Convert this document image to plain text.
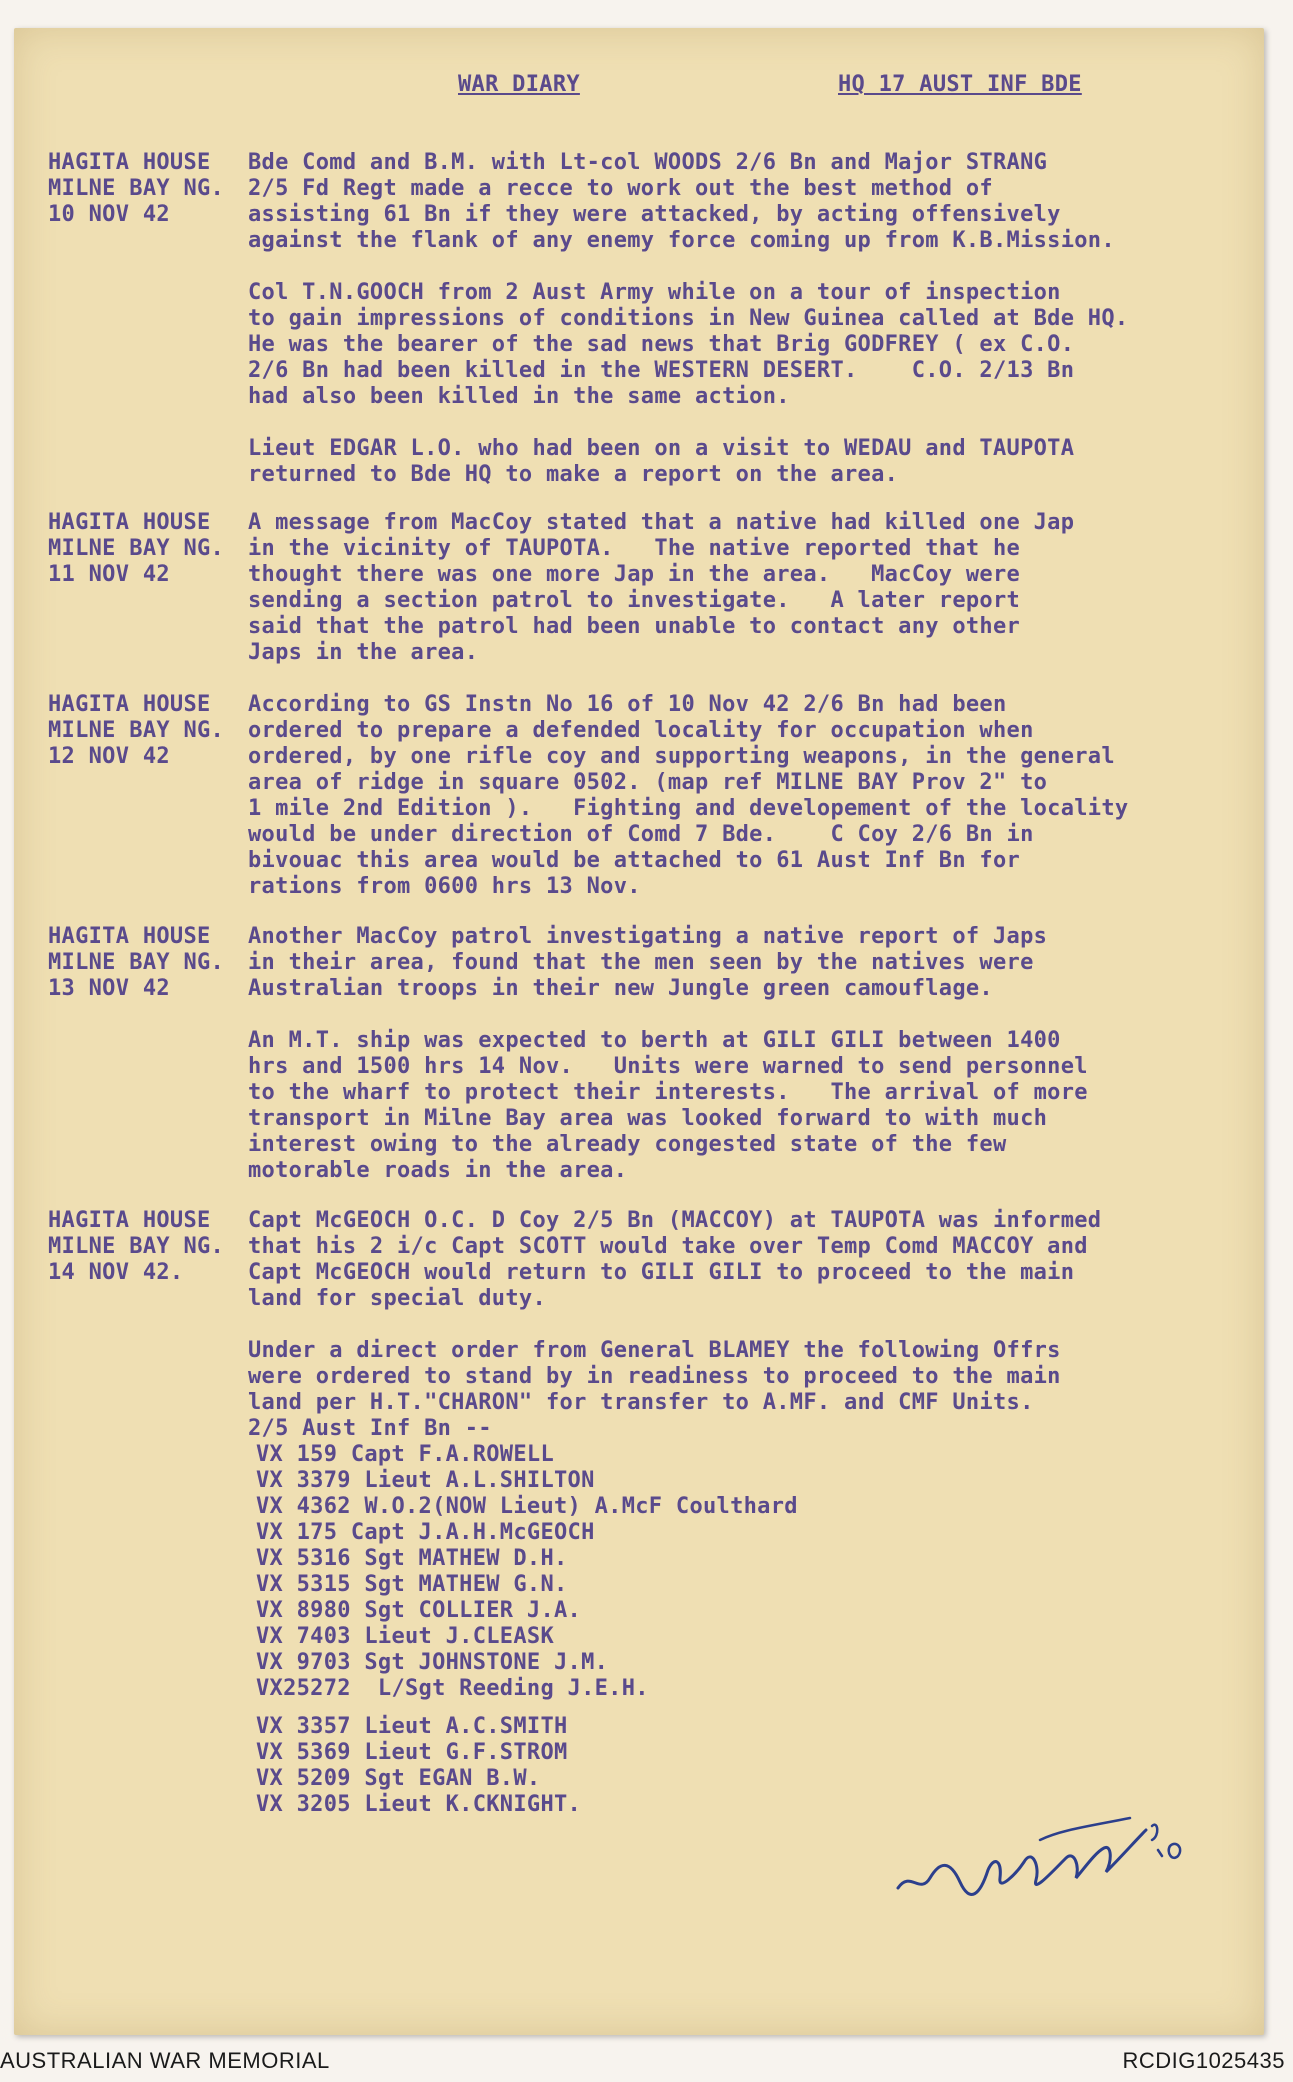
WAR DIARY	HQ 17 AUST INF BDE
HAGITA HOUSE
MILNE BAY NG.
10 NOV 42
Bde Comd and B.M. with Lt-col WOODS 2/6 Bn and Major STRANG
2/5 Fd Regt made a recce to work out the best method of
assisting 61 Bn if they were attacked, by acting offensively
against the flank of any enemy force coming up from K.B.Mission.
Col T.N.GOOCH from 2 Aust Army while on a tour of inspection
to gain impressions of conditions in New Guinea called at Bde HQ.
He was the bearer of the sad news that Brig GODFREY ( ex C.O.
2/6 Bn had been killed in the WESTERN DESERT.    C.O. 2/13 Bn
had also been killed in the same action.
Lieut EDGAR L.O. who had been on a visit to WEDAU and TAUPOTA
returned to Bde HQ to make a report on the area.
HAGITA HOUSE
MILNE BAY NG.
11 NOV 42
A message from MacCoy stated that a native had killed one Jap
in the vicinity of TAUPOTA.   The native reported that he
thought there was one more Jap in the area.   MacCoy were
sending a section patrol to investigate.   A later report
said that the patrol had been unable to contact any other
Japs in the area.
HAGITA HOUSE
MILNE BAY NG.
12 NOV 42
According to GS Instn No 16 of 10 Nov 42 2/6 Bn had been
ordered to prepare a defended locality for occupation when
ordered, by one rifle coy and supporting weapons, in the general
area of ridge in square 0502. (map ref MILNE BAY Prov 2" to
1 mile 2nd Edition ).   Fighting and developement of the locality
would be under direction of Comd 7 Bde.    C Coy 2/6 Bn in
bivouac this area would be attached to 61 Aust Inf Bn for
rations from 0600 hrs 13 Nov.
HAGITA HOUSE
MILNE BAY NG.
13 NOV 42
Another MacCoy patrol investigating a native report of Japs
in their area, found that the men seen by the natives were
Australian troops in their new Jungle green camouflage.
An M.T. ship was expected to berth at GILI GILI between 1400
hrs and 1500 hrs 14 Nov.   Units were warned to send personnel
to the wharf to protect their interests.   The arrival of more
transport in Milne Bay area was looked forward to with much
interest owing to the already congested state of the few
motorable roads in the area.
HAGITA HOUSE
MILNE BAY NG.
14 NOV 42.
Capt McGEOCH O.C. D Coy 2/5 Bn (MACCOY) at TAUPOTA was informed
that his 2 i/c Capt SCOTT would take over Temp Comd MACCOY and
Capt McGEOCH would return to GILI GILI to proceed to the main
land for special duty.
Under a direct order from General BLAMEY the following Offrs
were ordered to stand by in readiness to proceed to the main
land per H.T."CHARON" for transfer to A.MF. and CMF Units.
2/5 Aust Inf Bn --
VX 159 Capt F.A.ROWELL
VX 3379 Lieut A.L.SHILTON
VX 4362 W.O.2(NOW Lieut) A.McF Coulthard
VX 175 Capt J.A.H.McGEOCH
VX 5316 Sgt MATHEW D.H.
VX 5315 Sgt MATHEW G.N.
VX 8980 Sgt COLLIER J.A.
VX 7403 Lieut J.CLEASK
VX 9703 Sgt JOHNSTONE J.M.
VX25272  L/Sgt Reeding J.E.H.
VX 3357 Lieut A.C.SMITH
VX 5369 Lieut G.F.STROM
VX 5209 Sgt EGAN B.W.
VX 3205 Lieut K.CKNIGHT.
AUSTRALIAN WAR MEMORIAL	RCDIG1025435
